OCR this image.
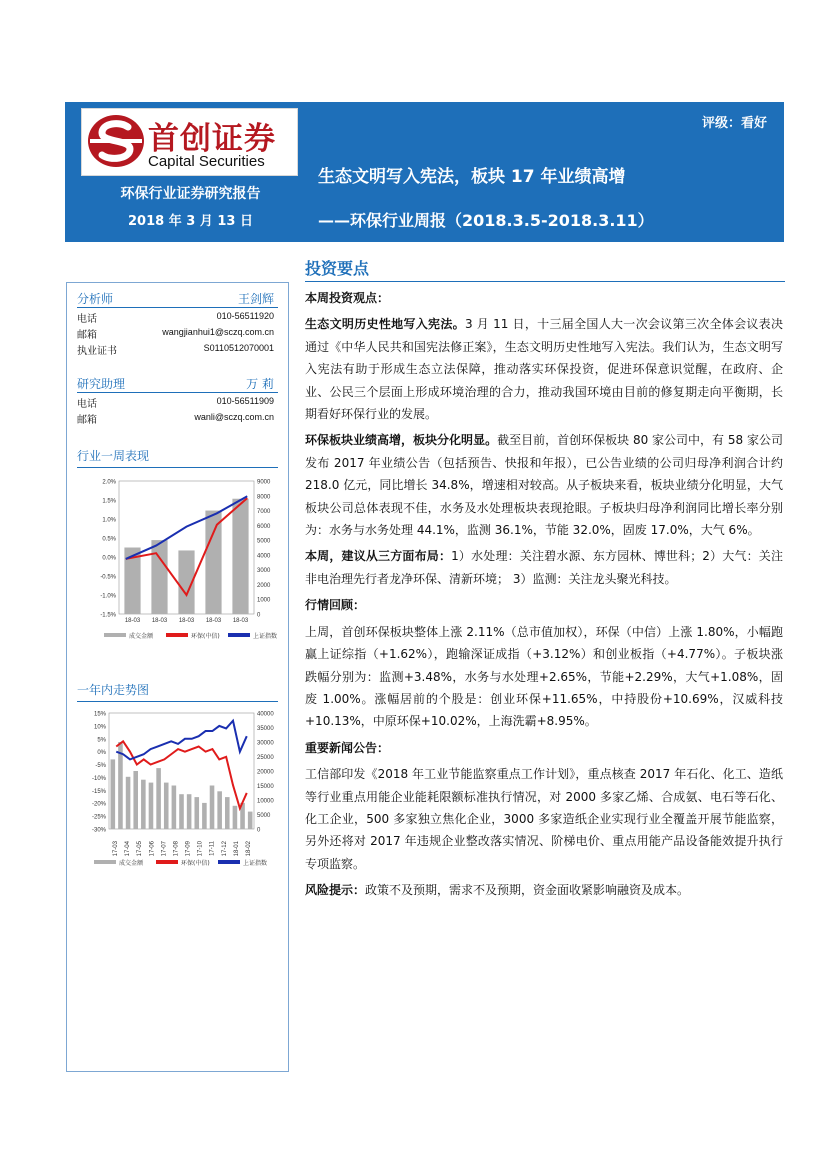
首创证券
Capital Securities
环保行业证券研究报告
2018 年 3 月 13 日
评级：看好
生态文明写入宪法，板块 17 年业绩高增
——环保行业周报（2018.3.5-2018.3.11）
分析师	王剑辉
电话	010-56511920
邮箱	wangjianhui1@sczq.com.cn
执业证书	S0110512070001
研究助理	万 莉
电话	010-56511909
邮箱	wanli@sczq.com.cn
行业一周表现
2.0%
1.5%
1.0%
0.5%
0.0%
-0.5%
-1.0%
-1.5%
9000
8000
7000
6000
5000
4000
3000
2000
1000
0
18-03 18-03 18-03 18-03 18-03
成交金额	环保(中信)	上证指数
一年内走势图
15%
10%
5%
0%
-5%
-10%
-15%
-20%
-25%
-30%
40000
35000
30000
25000
20000
15000
10000
5000
0
17-03 17-04 17-05 17-06 17-07 17-08 17-09 17-10 17-11 17-12 18-01 18-02
成交金额	环保(中信)	上证指数
投资要点

本周投资观点：

生态文明历史性地写入宪法。3 月 11 日，十三届全国人大一次会议第三次全体会议表决通过《中华人民共和国宪法修正案》，生态文明历史性地写入宪法。我们认为，生态文明写入宪法有助于形成生态立法保障，推动落实环保投资，促进环保意识觉醒，在政府、企业、公民三个层面上形成环境治理的合力，推动我国环境由目前的修复期走向平衡期，长期看好环保行业的发展。

环保板块业绩高增，板块分化明显。截至目前，首创环保板块 80 家公司中，有 58 家公司发布 2017 年业绩公告（包括预告、快报和年报），已公告业绩的公司归母净利润合计约 218.0 亿元，同比增长 34.8%，增速相对较高。从子板块来看，板块业绩分化明显，大气板块公司总体表现不佳，水务及水处理板块表现抢眼。子板块归母净利润同比增长率分别为：水务与水务处理 44.1%，监测 36.1%，节能 32.0%，固废 17.0%，大气 6%。

本周，建议从三方面布局：1）水处理：关注碧水源、东方园林、博世科；2）大气：关注非电治理先行者龙净环保、清新环境； 3）监测：关注龙头聚光科技。

行情回顾：

上周，首创环保板块整体上涨 2.11%（总市值加权），环保（中信）上涨 1.80%，小幅跑赢上证综指（+1.62%），跑输深证成指（+3.12%）和创业板指（+4.77%）。子板块涨跌幅分别为：监测+3.48%，水务与水处理+2.65%，节能+2.29%，大气+1.08%，固废 1.00%。涨幅居前的个股是：创业环保+11.65%，中持股份+10.69%，汉威科技+10.13%，中原环保+10.02%，上海洗霸+8.95%。

重要新闻公告：

工信部印发《2018 年工业节能监察重点工作计划》，重点核查 2017 年石化、化工、造纸等行业重点用能企业能耗限额标准执行情况，对 2000 多家乙烯、合成氨、电石等石化、化工企业，500 多家独立焦化企业，3000 多家造纸企业实现行业全覆盖开展节能监察，另外还将对 2017 年违规企业整改落实情况、阶梯电价、重点用能产品设备能效提升执行专项监察。

风险提示：政策不及预期，需求不及预期，资金面收紧影响融资及成本。
